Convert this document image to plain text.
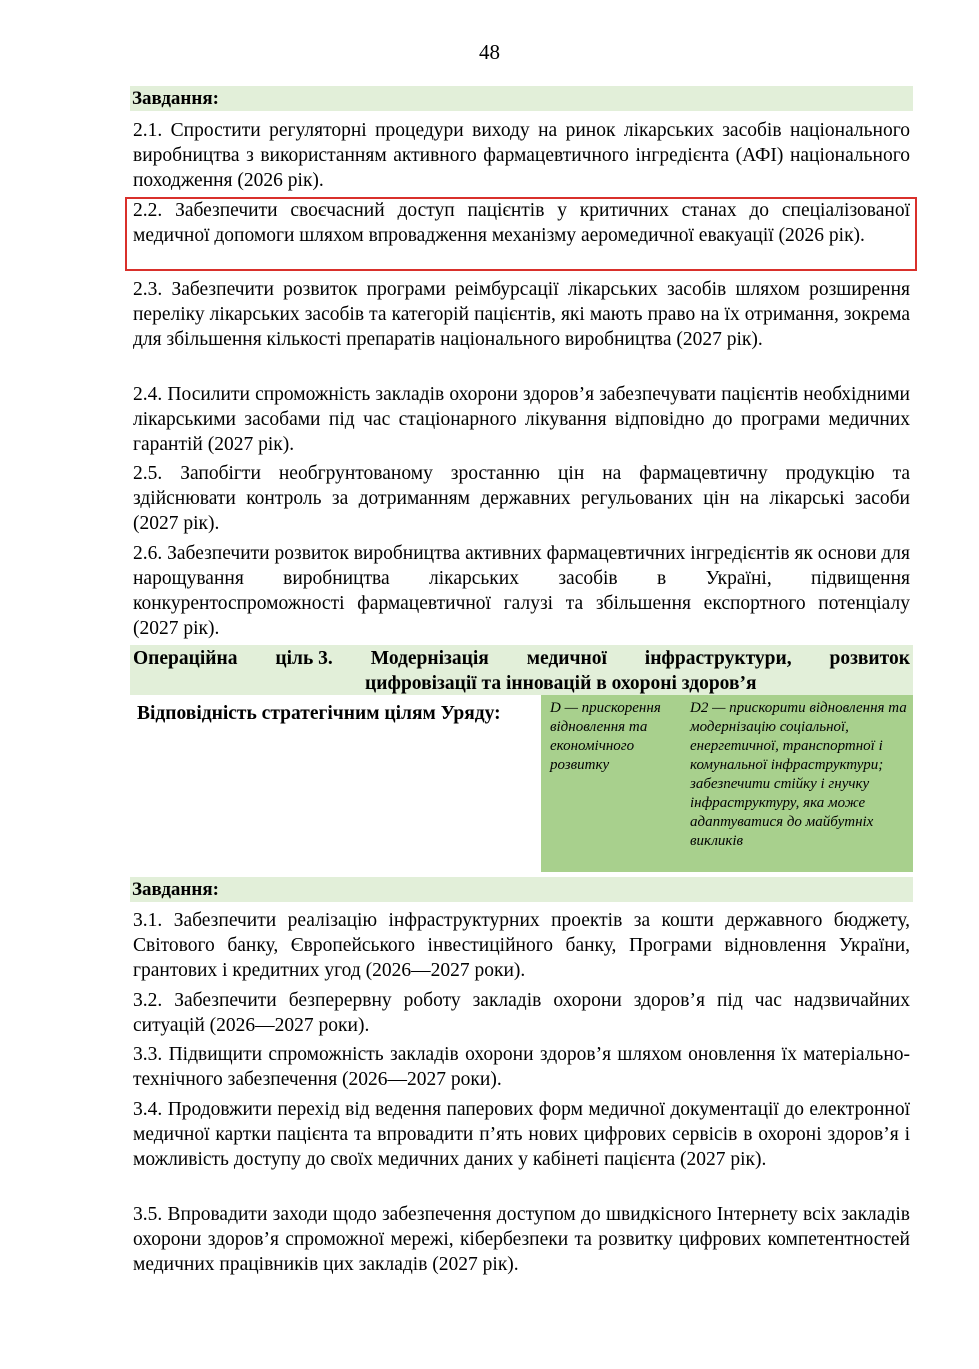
48
Завдання:
2.1. Спростити регуляторні процедури виходу на ринок лікарських засобів національного виробництва з використанням активного фармацевтичного інгредієнта (АФІ) національного походження (2026 рік).
2.2. Забезпечити своєчасний доступ пацієнтів у критичних станах до спеціалізованої медичної допомоги шляхом впровадження механізму аеромедичної евакуації (2026 рік).
2.3. Забезпечити розвиток програми реімбурсації лікарських засобів шляхом розширення переліку лікарських засобів та категорій пацієнтів, які мають право на їх отримання, зокрема для збільшення кількості препаратів національного виробництва (2027 рік).
2.4. Посилити спроможність закладів охорони здоров’я забезпечувати пацієнтів необхідними лікарськими засобами під час стаціонарного лікування відповідно до програми медичних гарантій (2027 рік).
2.5. Запобігти необгрунтованому зростанню цін на фармацевтичну продукцію та здійснювати контроль за дотриманням державних регульованих цін на лікарські засоби (2027 рік).
2.6. Забезпечити розвиток виробництва активних фармацевтичних інгредієнтів як основи для нарощування виробництва лікарських засобів в Україні, підвищення конкурентоспроможності фармацевтичної галузі та збільшення експортного потенціалу (2027 рік).
Операційна ціль 3. Модернізація медичної інфраструктури, розвиток
цифровізації та інновацій в охороні здоров’я
Відповідність стратегічним цілям Уряду:	D — прискорення відновлення та економічного розвитку
D2 — прискорити відновлення та модернізацію соціальної, енергетичної, транспортної і комунальної інфраструктури; забезпечити стійку і гнучку інфраструктуру, яка може адаптуватися до майбутніх викликів
Завдання:
3.1. Забезпечити реалізацію інфраструктурних проектів за кошти державного бюджету, Світового банку, Європейського інвестиційного банку, Програми відновлення України, грантових і кредитних угод (2026—2027 роки).
3.2. Забезпечити безперервну роботу закладів охорони здоров’я під час надзвичайних ситуацій (2026—2027 роки).
3.3. Підвищити спроможність закладів охорони здоров’я шляхом оновлення їх матеріально-технічного забезпечення (2026—2027 роки).
3.4. Продовжити перехід від ведення паперових форм медичної документації до електронної медичної картки пацієнта та впровадити п’ять нових цифрових сервісів в охороні здоров’я і можливість доступу до своїх медичних даних у кабінеті пацієнта (2027 рік).
3.5. Впровадити заходи щодо забезпечення доступом до швидкісного Інтернету всіх закладів охорони здоров’я спроможної мережі, кібербезпеки та розвитку цифрових компетентностей медичних працівників цих закладів (2027 рік).
